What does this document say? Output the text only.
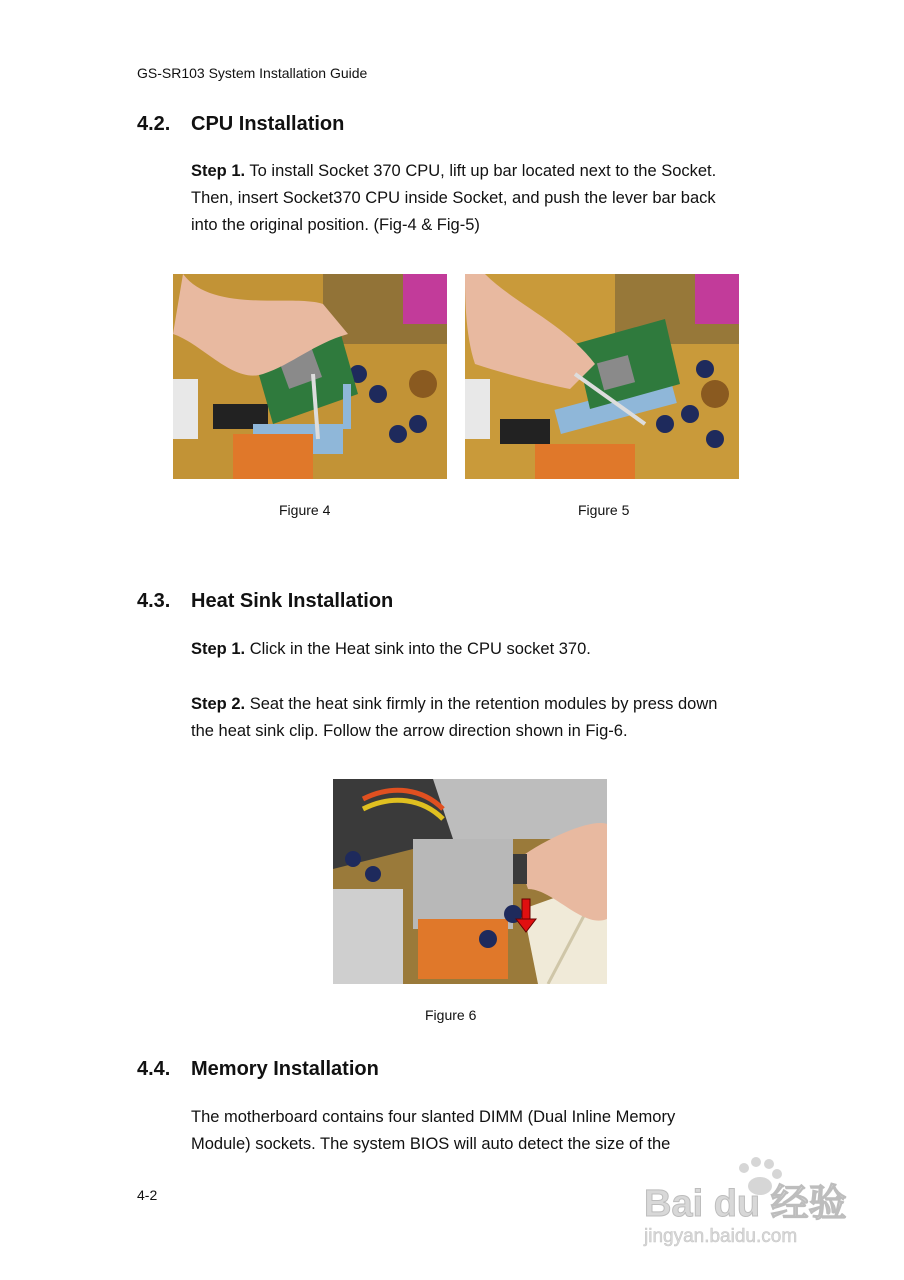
GS-SR103 System Installation Guide
4.2. CPU Installation
Step 1. To install Socket 370 CPU, lift up bar located next to the Socket.
Then, insert Socket370 CPU inside Socket, and push the lever bar back
into the original position. (Fig-4 & Fig-5)
Figure 4	Figure 5
4.3. Heat Sink Installation
Step 1. Click in the Heat sink into the CPU socket 370.
Step 2. Seat the heat sink firmly in the retention modules by press down
the heat sink clip. Follow the arrow direction shown in Fig-6.
Figure 6
4.4. Memory Installation
The motherboard contains four slanted DIMM (Dual Inline Memory
Module) sockets. The system BIOS will auto detect the size of the
4-2	Bai du 经验
jingyan.baidu.com
